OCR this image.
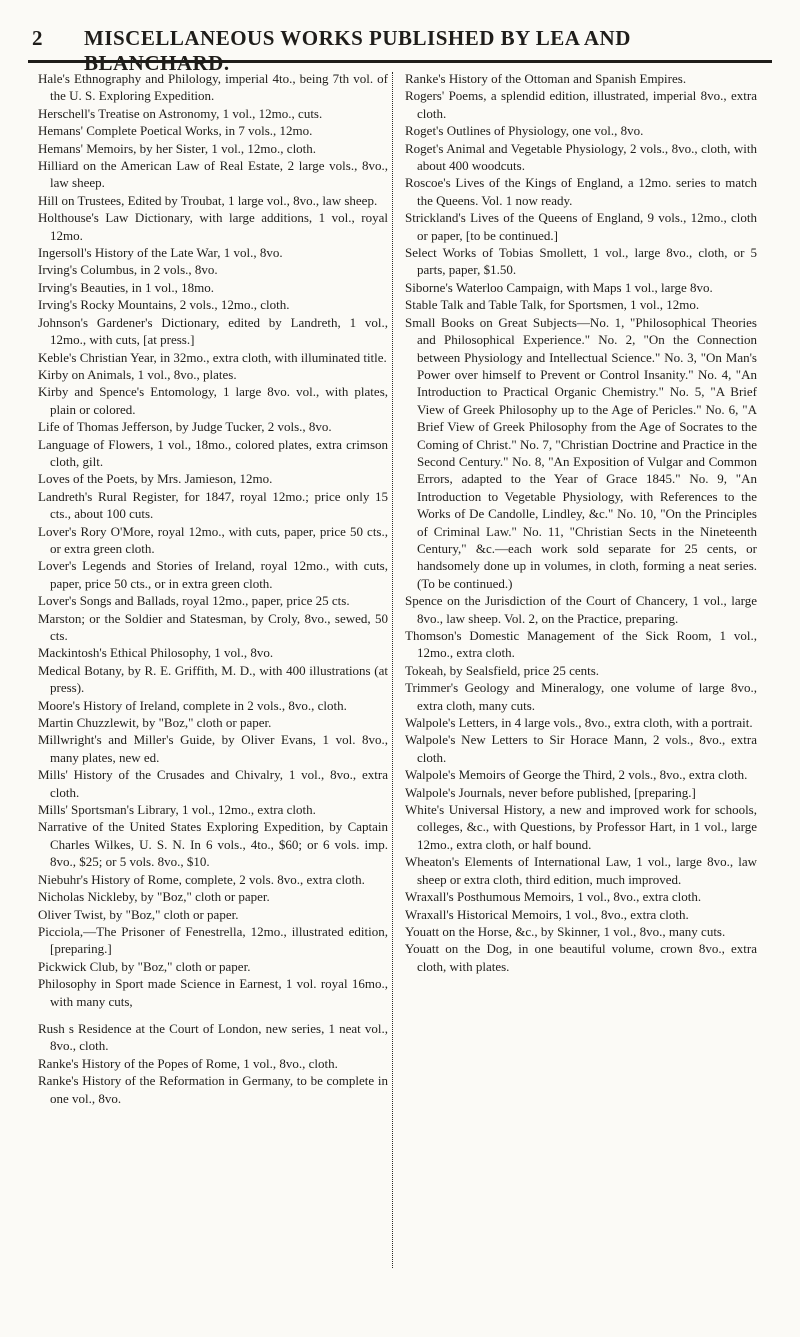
2 MISCELLANEOUS WORKS PUBLISHED BY LEA AND BLANCHARD.

Hale's Ethnography and Philology, imperial 4to., being 7th vol. of the U. S. Exploring Expedition.

Herschell's Treatise on Astronomy, 1 vol., 12mo., cuts.

Hemans' Complete Poetical Works, in 7 vols., 12mo.

Hemans' Memoirs, by her Sister, 1 vol., 12mo., cloth.

Hilliard on the American Law of Real Estate, 2 large vols., 8vo., law sheep.

Hill on Trustees, Edited by Troubat, 1 large vol., 8vo., law sheep.

Holthouse's Law Dictionary, with large additions, 1 vol., royal 12mo.

Ingersoll's History of the Late War, 1 vol., 8vo.

Irving's Columbus, in 2 vols., 8vo.

Irving's Beauties, in 1 vol., 18mo.

Irving's Rocky Mountains, 2 vols., 12mo., cloth.

Johnson's Gardener's Dictionary, edited by Landreth, 1 vol., 12mo., with cuts, [at press.]

Keble's Christian Year, in 32mo., extra cloth, with illuminated title.

Kirby on Animals, 1 vol., 8vo., plates.

Kirby and Spence's Entomology, 1 large 8vo. vol., with plates, plain or colored.

Life of Thomas Jefferson, by Judge Tucker, 2 vols., 8vo.

Language of Flowers, 1 vol., 18mo., colored plates, extra crimson cloth, gilt.

Loves of the Poets, by Mrs. Jamieson, 12mo.

Landreth's Rural Register, for 1847, royal 12mo.; price only 15 cts., about 100 cuts.

Lover's Rory O'More, royal 12mo., with cuts, paper, price 50 cts., or extra green cloth.

Lover's Legends and Stories of Ireland, royal 12mo., with cuts, paper, price 50 cts., or in extra green cloth.

Lover's Songs and Ballads, royal 12mo., paper, price 25 cts.

Marston; or the Soldier and Statesman, by Croly, 8vo., sewed, 50 cts.

Mackintosh's Ethical Philosophy, 1 vol., 8vo.

Medical Botany, by R. E. Griffith, M. D., with 400 illustrations (at press).

Moore's History of Ireland, complete in 2 vols., 8vo., cloth.

Martin Chuzzlewit, by "Boz," cloth or paper.

Millwright's and Miller's Guide, by Oliver Evans, 1 vol. 8vo., many plates, new ed.

Mills' History of the Crusades and Chivalry, 1 vol., 8vo., extra cloth.

Mills' Sportsman's Library, 1 vol., 12mo., extra cloth.

Narrative of the United States Exploring Expedition, by Captain Charles Wilkes, U. S. N. In 6 vols., 4to., $60; or 6 vols. imp. 8vo., $25; or 5 vols. 8vo., $10.

Niebuhr's History of Rome, complete, 2 vols. 8vo., extra cloth.

Nicholas Nickleby, by "Boz," cloth or paper.

Oliver Twist, by "Boz," cloth or paper.

Picciola,—The Prisoner of Fenestrella, 12mo., illustrated edition, [preparing.]

Pickwick Club, by "Boz," cloth or paper.

Philosophy in Sport made Science in Earnest, 1 vol. royal 16mo., with many cuts,

Rush s Residence at the Court of London, new series, 1 neat vol., 8vo., cloth.

Ranke's History of the Popes of Rome, 1 vol., 8vo., cloth.

Ranke's History of the Reformation in Germany, to be complete in one vol., 8vo.

Ranke's History of the Ottoman and Spanish Empires.

Rogers' Poems, a splendid edition, illustrated, imperial 8vo., extra cloth.

Roget's Outlines of Physiology, one vol., 8vo.

Roget's Animal and Vegetable Physiology, 2 vols., 8vo., cloth, with about 400 woodcuts.

Roscoe's Lives of the Kings of England, a 12mo. series to match the Queens. Vol. 1 now ready.

Strickland's Lives of the Queens of England, 9 vols., 12mo., cloth or paper, [to be continued.]

Select Works of Tobias Smollett, 1 vol., large 8vo., cloth, or 5 parts, paper, $1.50.

Siborne's Waterloo Campaign, with Maps 1 vol., large 8vo.

Stable Talk and Table Talk, for Sportsmen, 1 vol., 12mo.

Small Books on Great Subjects—No. 1, "Philosophical Theories and Philosophical Experience." No. 2, "On the Connection between Physiology and Intellectual Science." No. 3, "On Man's Power over himself to Prevent or Control Insanity." No. 4, "An Introduction to Practical Organic Chemistry." No. 5, "A Brief View of Greek Philosophy up to the Age of Pericles." No. 6, "A Brief View of Greek Philosophy from the Age of Socrates to the Coming of Christ." No. 7, "Christian Doctrine and Practice in the Second Century." No. 8, "An Exposition of Vulgar and Common Errors, adapted to the Year of Grace 1845." No. 9, "An Introduction to Vegetable Physiology, with References to the Works of De Candolle, Lindley, &c." No. 10, "On the Principles of Criminal Law." No. 11, "Christian Sects in the Nineteenth Century," &c.—each work sold separate for 25 cents, or handsomely done up in volumes, in cloth, forming a neat series. (To be continued.)

Spence on the Jurisdiction of the Court of Chancery, 1 vol., large 8vo., law sheep. Vol. 2, on the Practice, preparing.

Thomson's Domestic Management of the Sick Room, 1 vol., 12mo., extra cloth.

Tokeah, by Sealsfield, price 25 cents.

Trimmer's Geology and Mineralogy, one volume of large 8vo., extra cloth, many cuts.

Walpole's Letters, in 4 large vols., 8vo., extra cloth, with a portrait.

Walpole's New Letters to Sir Horace Mann, 2 vols., 8vo., extra cloth.

Walpole's Memoirs of George the Third, 2 vols., 8vo., extra cloth.

Walpole's Journals, never before published, [preparing.]

White's Universal History, a new and improved work for schools, colleges, &c., with Questions, by Professor Hart, in 1 vol., large 12mo., extra cloth, or half bound.

Wheaton's Elements of International Law, 1 vol., large 8vo., law sheep or extra cloth, third edition, much improved.

Wraxall's Posthumous Memoirs, 1 vol., 8vo., extra cloth.

Wraxall's Historical Memoirs, 1 vol., 8vo., extra cloth.

Youatt on the Horse, &c., by Skinner, 1 vol., 8vo., many cuts.

Youatt on the Dog, in one beautiful volume, crown 8vo., extra cloth, with plates.
